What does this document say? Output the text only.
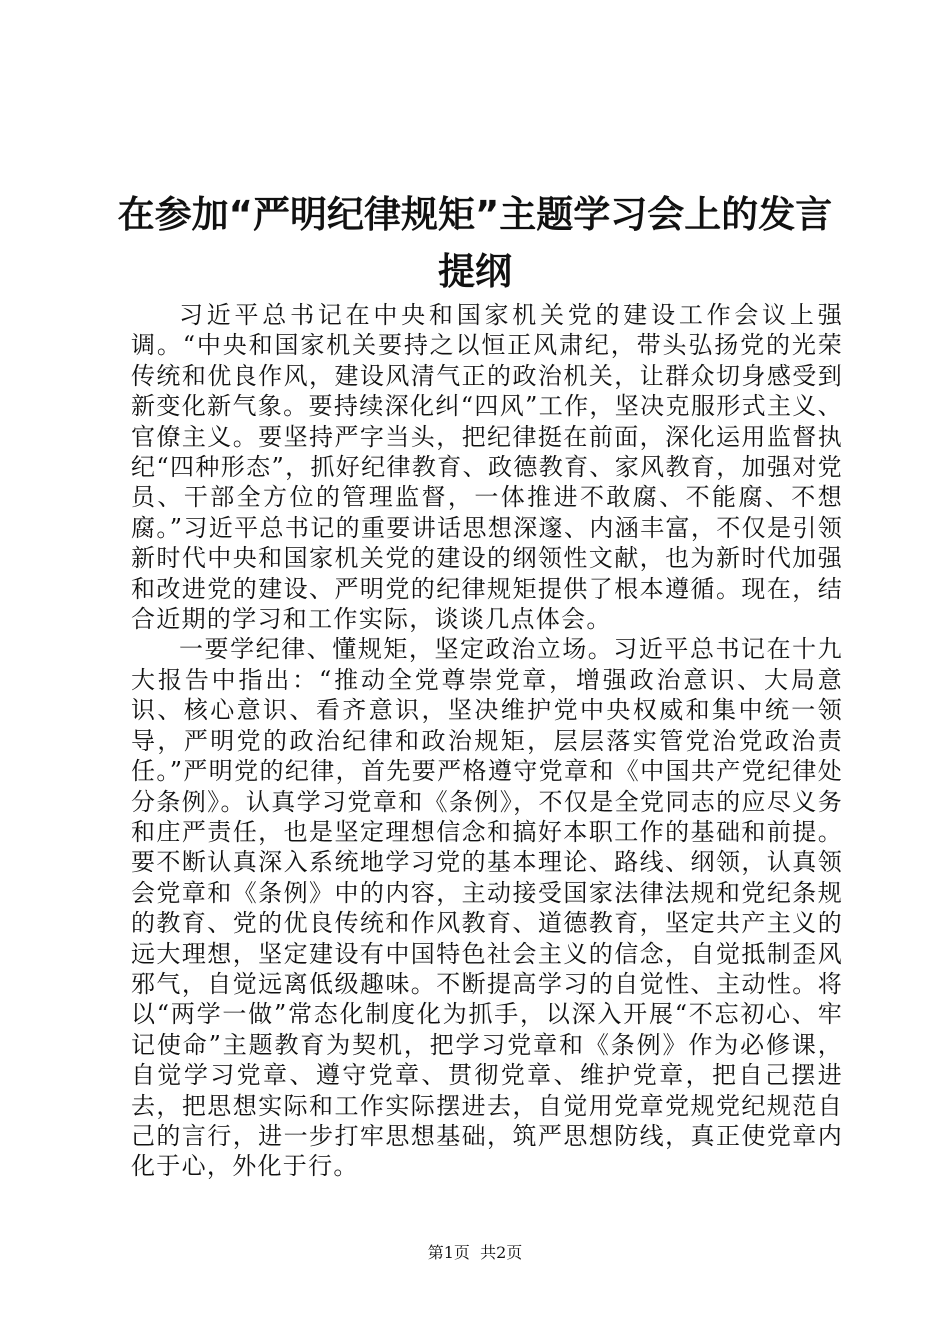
在参加“严明纪律规矩”主题学习会上的发言
提纲

习近平总书记在中央和国家机关党的建设工作会议上强调。“中央和国家机关要持之以恒正风肃纪，带头弘扬党的光荣传统和优良作风，建设风清气正的政治机关，让群众切身感受到新变化新气象。要持续深化纠“四风”工作，坚决克服形式主义、官僚主义。要坚持严字当头，把纪律挺在前面，深化运用监督执纪“四种形态”，抓好纪律教育、政德教育、家风教育，加强对党员、干部全方位的管理监督，一体推进不敢腐、不能腐、不想腐。”习近平总书记的重要讲话思想深邃、内涵丰富，不仅是引领新时代中央和国家机关党的建设的纲领性文献，也为新时代加强和改进党的建设、严明党的纪律规矩提供了根本遵循。现在，结合近期的学习和工作实际，谈谈几点体会。

一要学纪律、懂规矩，坚定政治立场。习近平总书记在十九大报告中指出：“推动全党尊崇党章，增强政治意识、大局意识、核心意识、看齐意识，坚决维护党中央权威和集中统一领导，严明党的政治纪律和政治规矩，层层落实管党治党政治责任。”严明党的纪律，首先要严格遵守党章和《中国共产党纪律处分条例》。认真学习党章和《条例》，不仅是全党同志的应尽义务和庄严责任，也是坚定理想信念和搞好本职工作的基础和前提。要不断认真深入系统地学习党的基本理论、路线、纲领，认真领会党章和《条例》中的内容，主动接受国家法律法规和党纪条规的教育、党的优良传统和作风教育、道德教育，坚定共产主义的远大理想，坚定建设有中国特色社会主义的信念，自觉抵制歪风邪气，自觉远离低级趣味。不断提高学习的自觉性、主动性。将以“两学一做”常态化制度化为抓手，以深入开展“不忘初心、牢记使命”主题教育为契机，把学习党章和《条例》作为必修课，自觉学习党章、遵守党章、贯彻党章、维护党章，把自己摆进去，把思想实际和工作实际摆进去，自觉用党章党规党纪规范自己的言行，进一步打牢思想基础，筑严思想防线，真正使党章内化于心，外化于行。

第1页 共2页
